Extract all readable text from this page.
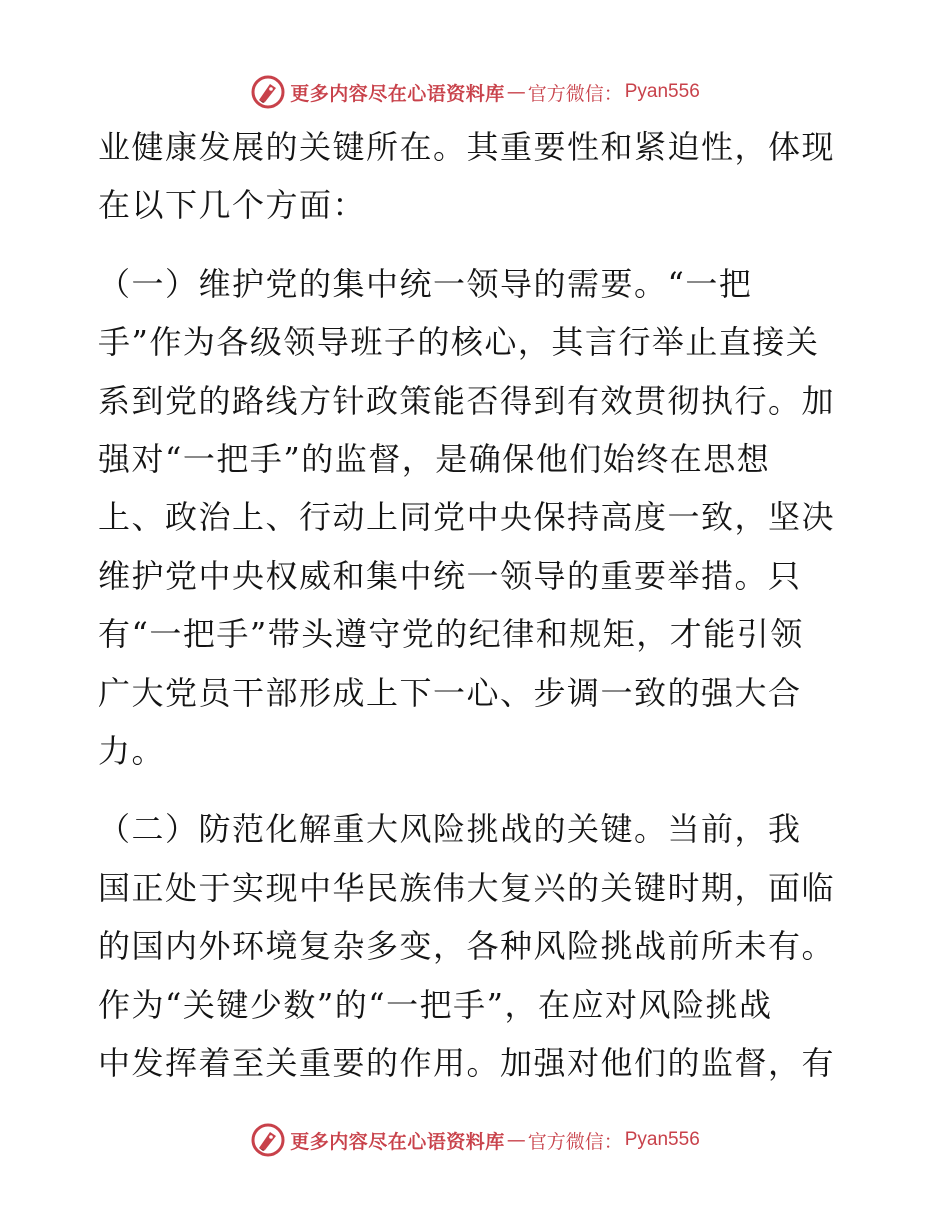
更多内容尽在心语资料库 — 官方微信： Pyan556

业健康发展的关键所在。其重要性和紧迫性，体现
在以下几个方面：

（一）维护党的集中统一领导的需要。“一把
手”作为各级领导班子的核心，其言行举止直接关
系到党的路线方针政策能否得到有效贯彻执行。加
强对“一把手”的监督，是确保他们始终在思想
上、政治上、行动上同党中央保持高度一致，坚决
维护党中央权威和集中统一领导的重要举措。只
有“一把手”带头遵守党的纪律和规矩，才能引领
广大党员干部形成上下一心、步调一致的强大合
力。

（二）防范化解重大风险挑战的关键。当前，我
国正处于实现中华民族伟大复兴的关键时期，面临
的国内外环境复杂多变，各种风险挑战前所未有。
作为“关键少数”的“一把手”，在应对风险挑战
中发挥着至关重要的作用。加强对他们的监督，有

更多内容尽在心语资料库 — 官方微信： Pyan556
